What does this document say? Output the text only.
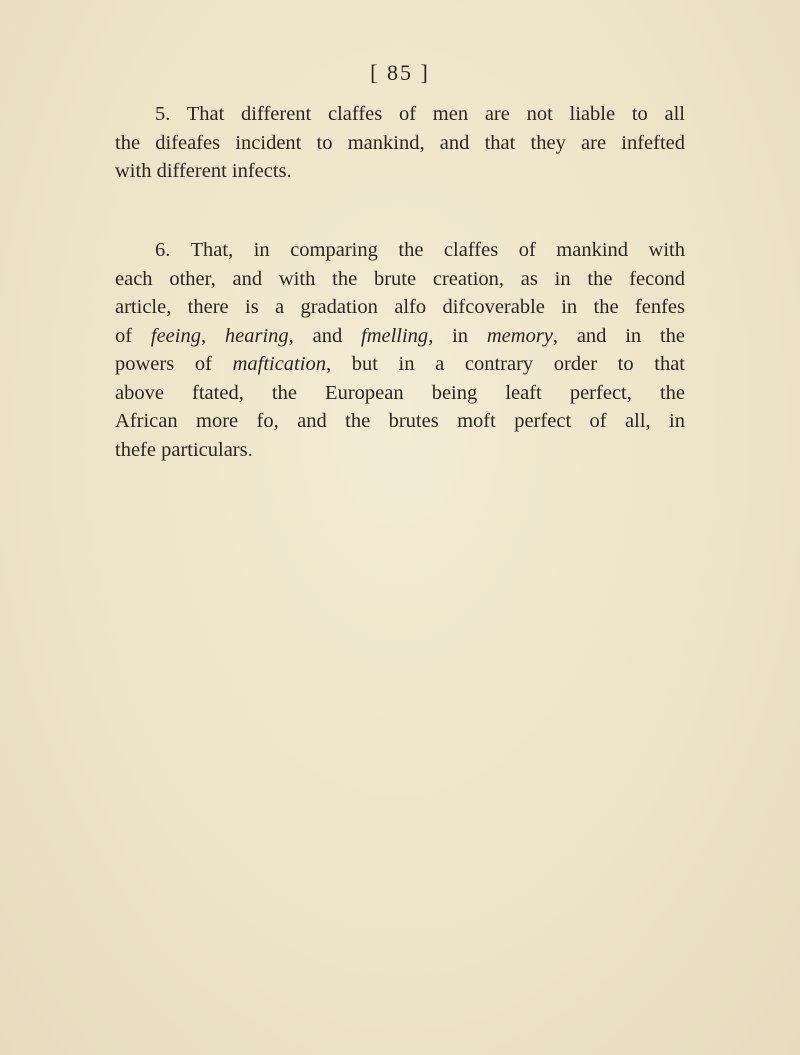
[ 85 ]
5. That different claffes of men are not liable to all
the difeafes incident to mankind, and that they are infefted
with different infects.
6. That, in comparing the claffes of mankind with
each other, and with the brute creation, as in the fecond
article, there is a gradation alfo difcoverable in the fenfes
of feeing, hearing, and fmelling, in memory, and in the
powers of maftication, but in a contrary order to that
above ftated, the European being leaft perfect, the
African more fo, and the brutes moft perfect of all, in
thefe particulars.
